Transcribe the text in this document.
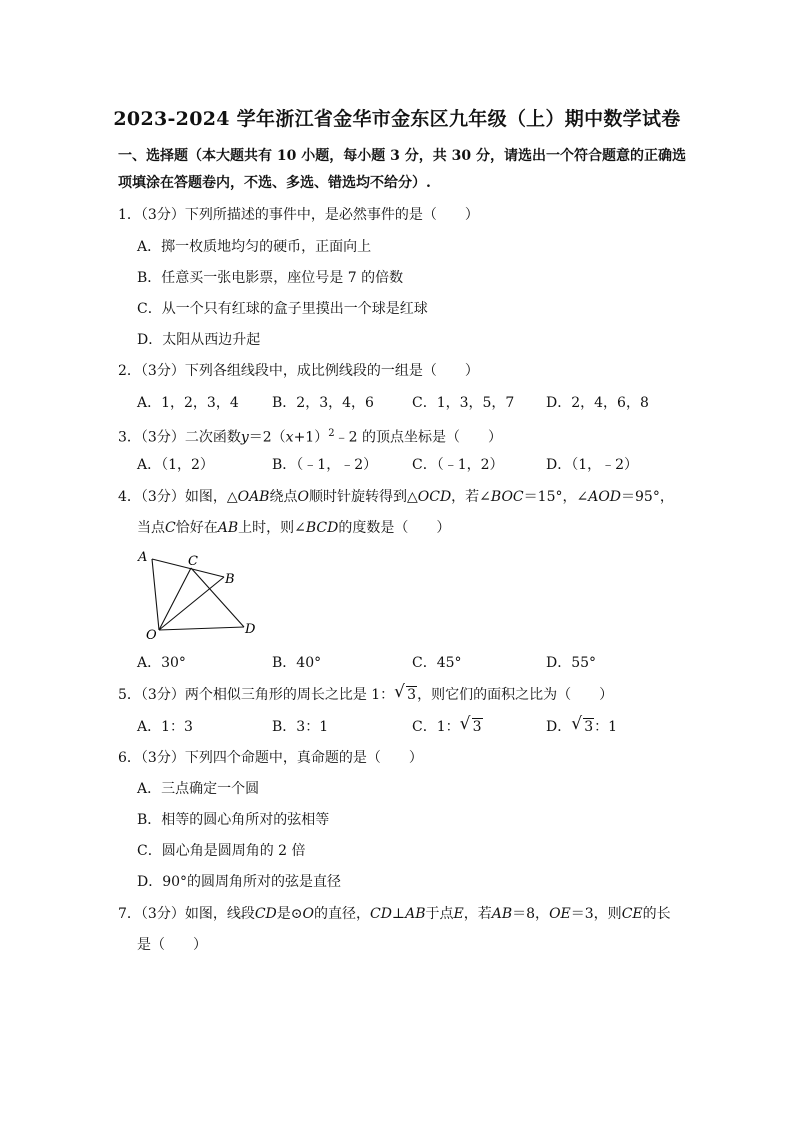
2023-2024 学年浙江省金华市金东区九年级（上）期中数学试卷
一、选择题（本大题共有 10 小题，每小题 3 分，共 30 分，请选出一个符合题意的正确选项填涂在答题卷内，不选、多选、错选均不给分）.
1．（3分）下列所描述的事件中，是必然事件的是（　　）
A．掷一枚质地均匀的硬币，正面向上
B．任意买一张电影票，座位号是 7 的倍数
C．从一个只有红球的盒子里摸出一个球是红球
D．太阳从西边升起
2．（3分）下列各组线段中，成比例线段的一组是（　　）
A．1，2，3，4 B．2，3，4，6	C．1，3，5，7 D．2，4，6，8
3．（3分）二次函数$y=2(x+1)^2﹣2$ 的顶点坐标是（　　）
A．（1，2）	B．（﹣1，﹣2） C．（﹣1，2）	D．（1，﹣2）
4．（3分）如图，△OAB绕点O顺时针旋转得到△OCD，若∠BOC＝15°，∠AOD＝95°，
当点C恰好在AB上时，则∠BCD的度数是（　　）
A	C
B
O	D
A．30°	B．40°	C．45°	D．55°
5．（3分）两个相似三角形的周长之比是 1： √ 3，则它们的面积之比为（　　）
A．1：3	B．3：1	C．1： √ 3	D． √ 3：1
6．（3分）下列四个命题中，真命题的是（　　）
A．三点确定一个圆
B．相等的圆心角所对的弦相等
C．圆心角是圆周角的 2 倍
D．90°的圆周角所对的弦是直径
7．（3分）如图，线段CD是⊙O的直径，CD⊥AB于点E，若AB＝8，OE＝3，则CE的长
是（　　）
